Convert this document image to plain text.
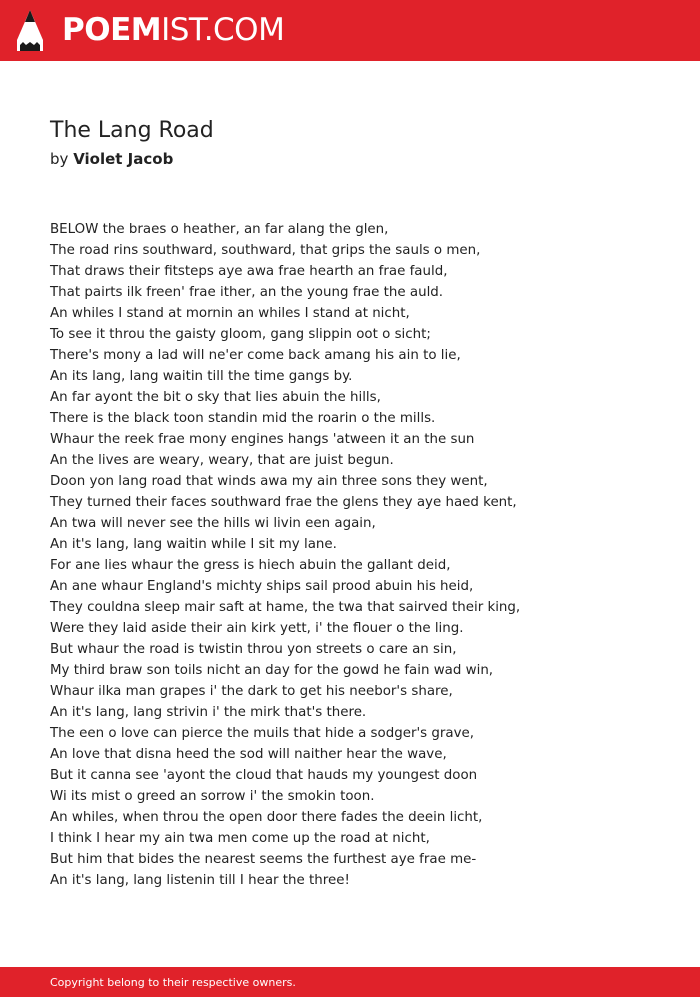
POEMIST.COM
The Lang Road
by Violet Jacob
BELOW the braes o heather, an far alang the glen,
The road rins southward, southward, that grips the sauls o men,
That draws their fitsteps aye awa frae hearth an frae fauld,
That pairts ilk freen' frae ither, an the young frae the auld.
An whiles I stand at mornin an whiles I stand at nicht,
To see it throu the gaisty gloom, gang slippin oot o sicht;
There's mony a lad will ne'er come back amang his ain to lie,
An its lang, lang waitin till the time gangs by.
An far ayont the bit o sky that lies abuin the hills,
There is the black toon standin mid the roarin o the mills.
Whaur the reek frae mony engines hangs 'atween it an the sun
An the lives are weary, weary, that are juist begun.
Doon yon lang road that winds awa my ain three sons they went,
They turned their faces southward frae the glens they aye haed kent,
An twa will never see the hills wi livin een again,
An it's lang, lang waitin while I sit my lane.
For ane lies whaur the gress is hiech abuin the gallant deid,
An ane whaur England's michty ships sail prood abuin his heid,
They couldna sleep mair saft at hame, the twa that sairved their king,
Were they laid aside their ain kirk yett, i' the flouer o the ling.
But whaur the road is twistin throu yon streets o care an sin,
My third braw son toils nicht an day for the gowd he fain wad win,
Whaur ilka man grapes i' the dark to get his neebor's share,
An it's lang, lang strivin i' the mirk that's there.
The een o love can pierce the muils that hide a sodger's grave,
An love that disna heed the sod will naither hear the wave,
But it canna see 'ayont the cloud that hauds my youngest doon
Wi its mist o greed an sorrow i' the smokin toon.
An whiles, when throu the open door there fades the deein licht,
I think I hear my ain twa men come up the road at nicht,
But him that bides the nearest seems the furthest aye frae me-
An it's lang, lang listenin till I hear the three!
Copyright belong to their respective owners.
